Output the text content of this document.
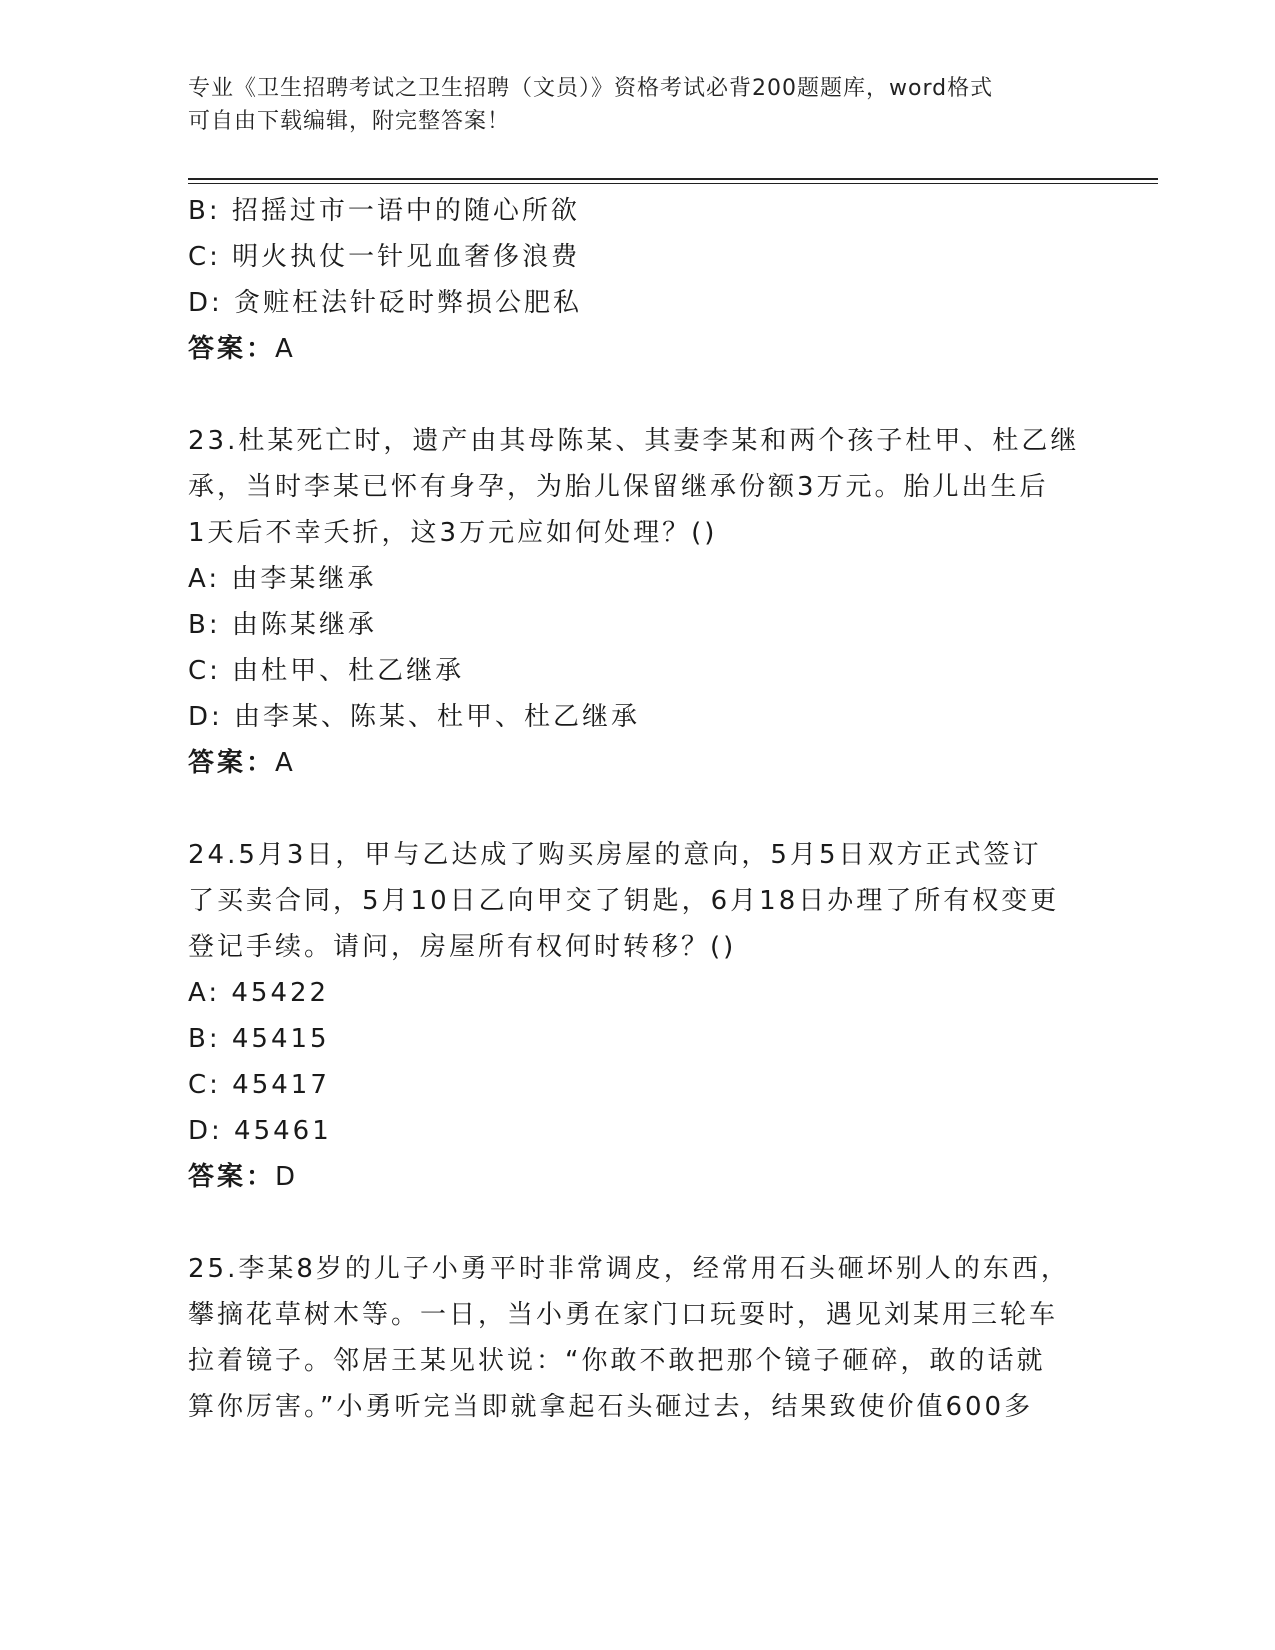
专业《卫生招聘考试之卫生招聘（文员）》资格考试必背200题题库，word格式
可自由下载编辑，附完整答案！
B: 招摇过市一语中的随心所欲
C: 明火执仗一针见血奢侈浪费
D: 贪赃枉法针砭时弊损公肥私
答案：A
23.杜某死亡时，遗产由其母陈某、其妻李某和两个孩子杜甲、杜乙继
承，当时李某已怀有身孕，为胎儿保留继承份额3万元。胎儿出生后
1天后不幸夭折，这3万元应如何处理？()
A: 由李某继承
B: 由陈某继承
C: 由杜甲、杜乙继承
D: 由李某、陈某、杜甲、杜乙继承
答案：A
24.5月3日，甲与乙达成了购买房屋的意向，5月5日双方正式签订
了买卖合同，5月10日乙向甲交了钥匙，6月18日办理了所有权变更
登记手续。请问，房屋所有权何时转移？()
A: 45422
B: 45415
C: 45417
D: 45461
答案：D
25.李某8岁的儿子小勇平时非常调皮，经常用石头砸坏别人的东西，
攀摘花草树木等。一日，当小勇在家门口玩耍时，遇见刘某用三轮车
拉着镜子。邻居王某见状说：“你敢不敢把那个镜子砸碎，敢的话就
算你厉害。”小勇听完当即就拿起石头砸过去，结果致使价值600多
